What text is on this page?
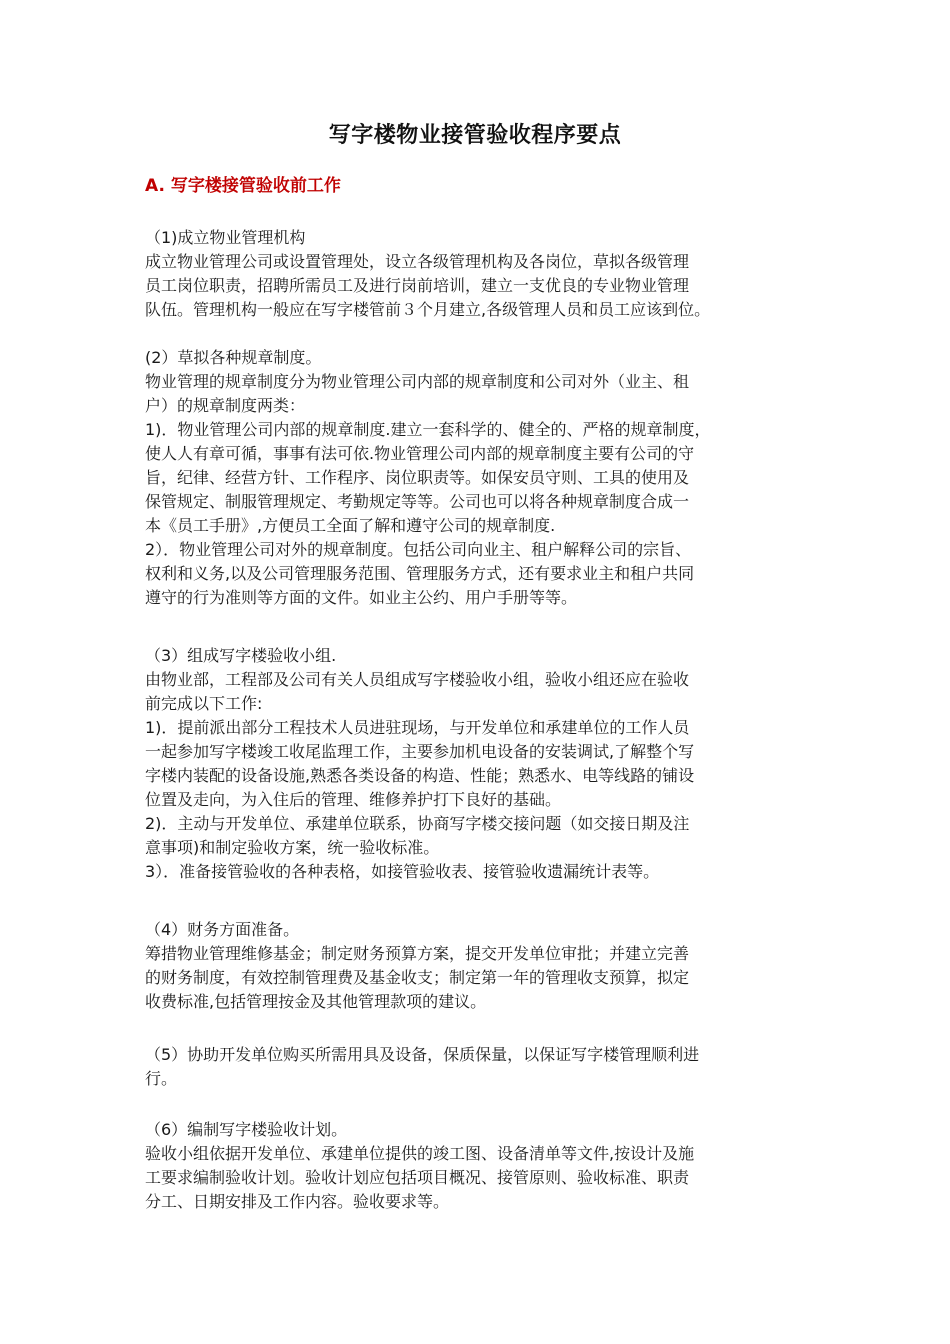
写字楼物业接管验收程序要点
A. 写字楼接管验收前工作
（1)成立物业管理机构
成立物业管理公司或设置管理处，设立各级管理机构及各岗位，草拟各级管理
员工岗位职责，招聘所需员工及进行岗前培训，建立一支优良的专业物业管理
队伍。管理机构一般应在写字楼管前３个月建立,各级管理人员和员工应该到位。
(2）草拟各种规章制度。
物业管理的规章制度分为物业管理公司内部的规章制度和公司对外（业主、租
户）的规章制度两类：
1)．物业管理公司内部的规章制度.建立一套科学的、健全的、严格的规章制度，
使人人有章可循，事事有法可依.物业管理公司内部的规章制度主要有公司的守
旨，纪律、经营方针、工作程序、岗位职责等。如保安员守则、工具的使用及
保管规定、制服管理规定、考勤规定等等。公司也可以将各种规章制度合成一
本《员工手册》,方便员工全面了解和遵守公司的规章制度.
2）．物业管理公司对外的规章制度。包括公司向业主、租户解释公司的宗旨、
权利和义务,以及公司管理服务范围、管理服务方式，还有要求业主和租户共同
遵守的行为准则等方面的文件。如业主公约、用户手册等等。
（3）组成写字楼验收小组.
由物业部，工程部及公司有关人员组成写字楼验收小组，验收小组还应在验收
前完成以下工作:
1)．提前派出部分工程技术人员进驻现场，与开发单位和承建单位的工作人员
一起参加写字楼竣工收尾监理工作，主要参加机电设备的安装调试,了解整个写
字楼内装配的设备设施,熟悉各类设备的构造、性能；熟悉水、电等线路的铺设
位置及走向，为入住后的管理、维修养护打下良好的基础。
2)．主动与开发单位、承建单位联系，协商写字楼交接问题（如交接日期及注
意事项)和制定验收方案，统一验收标准。
3）．准备接管验收的各种表格，如接管验收表、接管验收遗漏统计表等。
（4）财务方面准备。
筹措物业管理维修基金；制定财务预算方案，提交开发单位审批；并建立完善
的财务制度，有效控制管理费及基金收支；制定第一年的管理收支预算，拟定
收费标准,包括管理按金及其他管理款项的建议。
（5）协助开发单位购买所需用具及设备，保质保量，以保证写字楼管理顺利进
行。
（6）编制写字楼验收计划。
验收小组依据开发单位、承建单位提供的竣工图、设备清单等文件,按设计及施
工要求编制验收计划。验收计划应包括项目概况、接管原则、验收标准、职责
分工、日期安排及工作内容。验收要求等。
